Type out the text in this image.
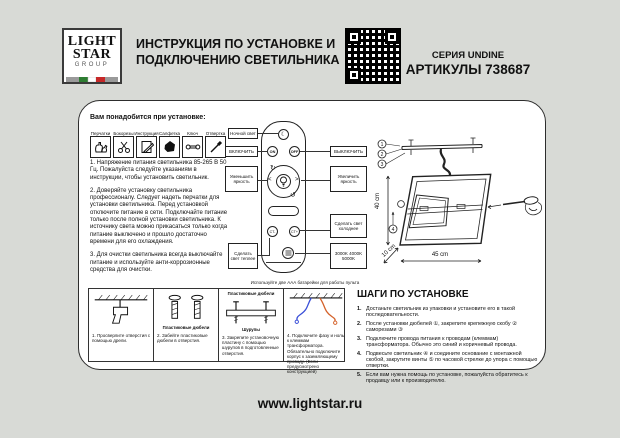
LIGHT
STAR
GROUP
ИНСТРУКЦИЯ ПО УСТАНОВКЕ И
ПОДКЛЮЧЕНИЮ СВЕТИЛЬНИКА	СЕРИЯ UNDINE
АРТИКУЛЫ 738687
Вам понадобится при установке:
Перчатки Бокорезы Инструкция Салфетка Ключ Отвертка

1. Напряжение питания светильника 85-265 В 50 Гц. Пожалуйста следуйте указаниям в инструкции, чтобы установить светильник.

2. Доверяйте установку светильника профессионалу. Следует надеть перчатки для установки светильника. Перед установкой отключите питание в сети. Подключайте питание только после полной установки светильника. К источнику света можно прикасаться только когда питание выключено и прошло достаточно времени для его охлаждения.

3. Для очистки светильника всегда выключайте питание и используйте анти-коррозионные средства для очистки.

☾
ON	OFF
↻
↺
<	>
CT-	CT+
Ночной свет
ВКЛЮЧИТЬ
Уменьшить яркость
Сделать свет теплее
ВЫКЛЮЧИТЬ
Увеличить яркость
Сделать свет холоднее
3000K 4000K 5000K
Используйте две ААА батарейки для работы пульта
1
2
3
4
40 cm
10 cm	45 cm
1. Просверлите отверстия с помощью дрели.
Пластиковые дюбели
2. Забейте пластиковые дюбели в отверстия.
Пластиковые дюбели
Шурупы
3. Закрепите установочную пластину с помощью шурупов в подготовленные отверстия.
4. Подключите фазу и ноль к клеммам трансформатора. Обязательно подключите корпус к заземляющему проводу. (Если предусмотрено конструкцией)
ШАГИ ПО УСТАНОВКЕ
1. Достаньте светильник из упаковки и установите его в такой последовательности.
2. После установки дюбелей ①, закрепите крепежную скобу ② саморезами ③
3. Подключите провода питания к проводам (клеммам) трансформатора. Обычно это синий и коричневый провода.
4. Подвесьте светильник ④ и соедините основание с монтажной скобой, закрутите винты ⑤ по часовой стрелке до упора с помощью отвертки.
5. Если вам нужна помощь по установке, пожалуйста обратитесь к продавцу или к производителю.
www.lightstar.ru
